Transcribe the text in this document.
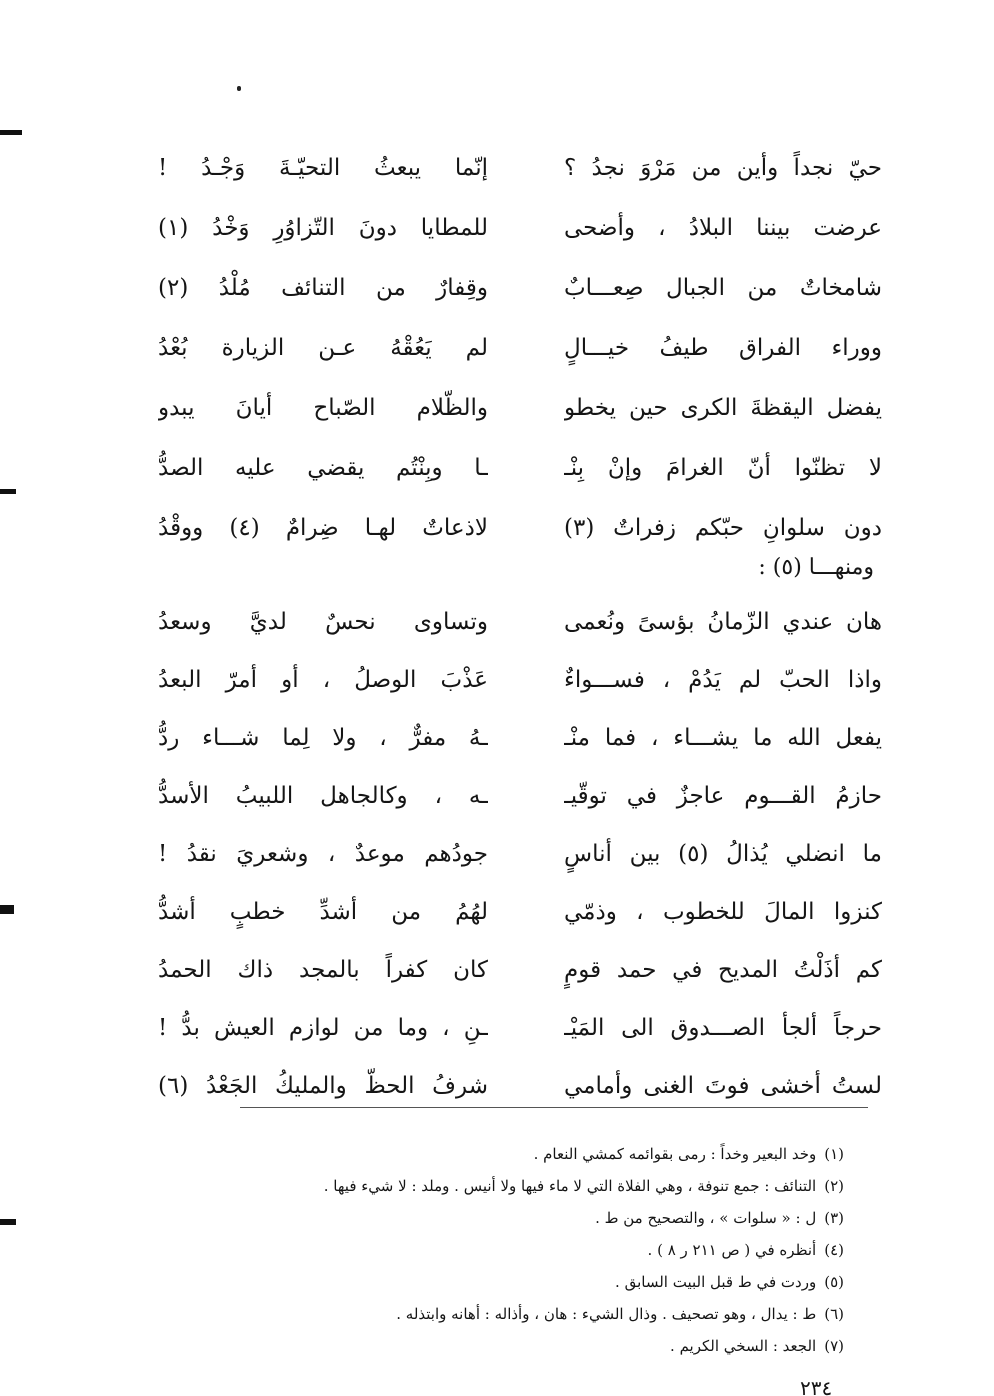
حيّ نجداً وأين من مَرْوَ نجدُ ؟
إنّما يبعثُ التحيّـةَ وَجْـدُ !
عرضت بيننا البلادُ ، وأضحى
للمطايا دونَ التّزاوُرِ وَخْدُ (١)
شامخاتٌ من الجبال صِعـــابٌ
وقِفارٌ من التنائف مُلْدُ (٢)
ووراء الفراق طيفُ خيـــالٍ
لم يَعُقْهُ عـن الزيارة بُعْدُ
يفضل اليقظةَ الكرى حين يخطو
والظّلام الصّباح أيانَ يبدو
لا تظنّوا أنّ الغرامَ وإنْ بِنْـ
ـا وبِنْتُم يقضي عليه الصدُّ
دون سلوانِ حبّكم زفراتٌ (٣)
لاذعاتٌ لهـا ضِرامٌ (٤) ووقْدُ
ومنهـــا (٥) :
هان عندي الزّمانُ بؤسىً ونُعمى
وتساوى نحسٌ لديَّ وسعدُ
واذا الحبّ لم يَدُمْ ، فســـواءٌ
عَذْبَ الوصلُ ، أو أمرّ البعدُ
يفعل الله ما يشـــاء ، فما منْـ
ـهُ مفرٌّ ، ولا لِما شـــاء ردُّ
حازمُ القـــوم عاجزٌ في توقّيـ
ـه ، وكالجاهل اللبيبُ الأسدُّ
ما انضلي يُذالُ (٥) بين أناسٍ
جودُهم موعدٌ ، وشعريَ نقدُ !
كنزوا المالَ للخطوب ، وذمّي
لهُمُ من أشدِّ خطبٍ أشدُّ
كم أذَلْتُ المديح في حمد قومٍ
كان كفراً بالمجد ذاك الحمدُ
حرجاً ألجأ الصـــدوق الى المَيْـ
ـنِ ، وما من لوازم العيش بدُّ !
لستُ أخشى فوتَ الغنى وأمامي
شرفُ الحظّ والمليكُ الجَعْدُ (٦)
(١)وخد البعير وخداً : رمى بقوائمه كمشي النعام .
(٢)التنائف : جمع تنوفة ، وهي الفلاة التي لا ماء فيها ولا أنيس . وملد : لا شيء فيها .
(٣)ل : « سلوات » ، والتصحيح من ط .
(٤)أنظره في ( ص ٢١١ ر ٨ ) .
(٥)وردت في ط قبل البيت السابق .
(٦)ط : يدال ، وهو تصحيف . وذال الشيء : هان ، وأذاله : أهانه وابتذله .
(٧)الجعد : السخي الكريم .
٢٣٤
